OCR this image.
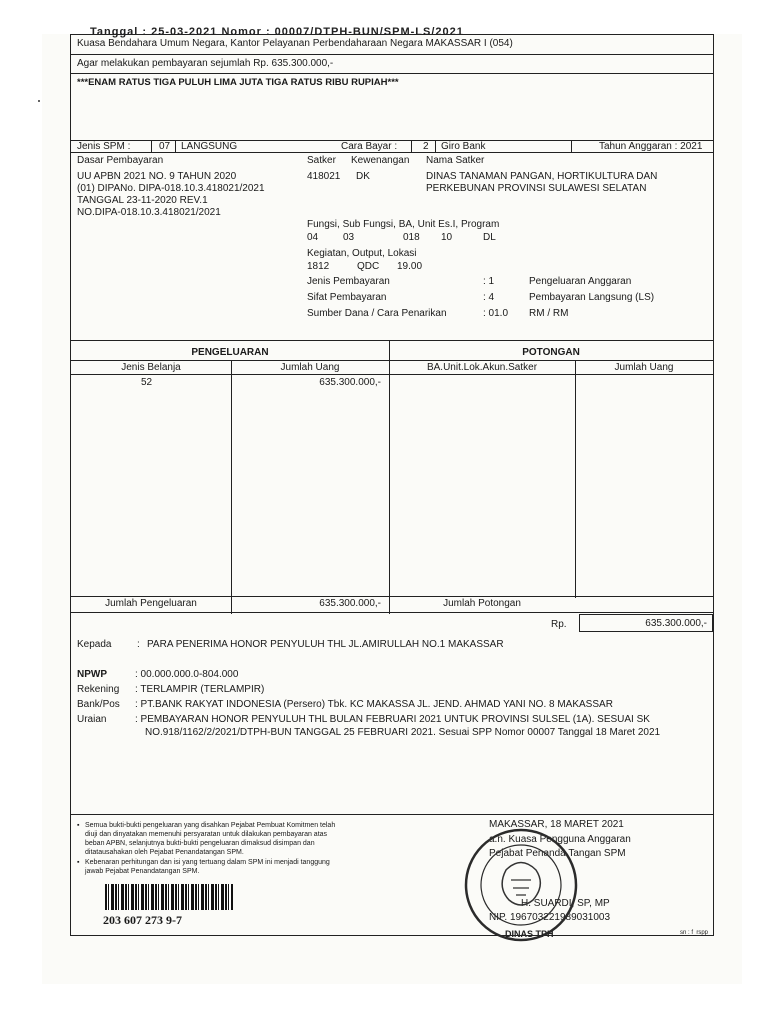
Tanggal : 25-03-2021 Nomor : 00007/DTPH-BUN/SPM-LS/2021
Kuasa Bendahara Umum Negara, Kantor Pelayanan Perbendaharaan Negara MAKASSAR I (054)
Agar melakukan pembayaran sejumlah Rp. 635.300.000,-
***ENAM RATUS TIGA PULUH LIMA JUTA TIGA RATUS RIBU RUPIAH***
Jenis SPM :	07 LANGSUNG	Cara Bayar :	2 Giro Bank	Tahun Anggaran : 2021
Dasar Pembayaran
UU APBN 2021 NO. 9 TAHUN 2020
(01) DIPANo. DIPA-018.10.3.418021/2021
TANGGAL 23-11-2020 REV.1
NO.DIPA-018.10.3.418021/2021
Satker Kewenangan Nama Satker
418021 DK	DINAS TANAMAN PANGAN, HORTIKULTURA DAN
PERKEBUNAN PROVINSI SULAWESI SELATAN
Fungsi, Sub Fungsi, BA, Unit Es.I, Program
04 03	018 10	DL
Kegiatan, Output, Lokasi
1812	QDC 19.00
Jenis Pembayaran	: 1	Pengeluaran Anggaran
Sifat Pembayaran	: 4	Pembayaran Langsung (LS)
Sumber Dana / Cara Penarikan	: 01.0 RM / RM
PENGELUARAN	POTONGAN
Jenis Belanja	Jumlah Uang	BA.Unit.Lok.Akun.Satker	Jumlah Uang
52	635.300.000,-
Jumlah Pengeluaran	635.300.000,-	Jumlah Potongan
Rp.	635.300.000,-
Kepada	: PARA PENERIMA HONOR PENYULUH THL JL.AMIRULLAH NO.1 MAKASSAR
NPWP	: 00.000.000.0-804.000
Rekening : TERLAMPIR (TERLAMPIR)
Bank/Pos : PT.BANK RAKYAT INDONESIA (Persero) Tbk. KC MAKASSA JL. JEND. AHMAD YANI NO. 8 MAKASSAR
Uraian	: PEMBAYARAN HONOR PENYULUH THL BULAN FEBRUARI 2021 UNTUK PROVINSI SULSEL (1A). SESUAI SK
NO.918/1162/2/2021/DTPH-BUN TANGGAL 25 FEBRUARI 2021. Sesuai SPP Nomor 00007 Tanggal 18 Maret 2021
▪ Semua bukti-bukti pengeluaran yang disahkan Pejabat Pembuat Komitmen telah
diuji dan dinyatakan memenuhi persyaratan untuk dilakukan pembayaran atas
beban APBN, selanjutnya bukti-bukti pengeluaran dimaksud disimpan dan
ditatausahakan oleh Pejabat Penandatangan SPM.
▪ Kebenaran perhitungan dan isi yang tertuang dalam SPM ini menjadi tanggung
jawab Pejabat Penandatangan SPM.
203 607 273 9-7
MAKASSAR, 18 MARET 2021
a.n. Kuasa Pengguna Anggaran
Pejabat Penanda Tangan SPM
H. SUARDI, SP, MP
NIP. 196703221989031003
DINAS TPH	sn : f_rspp
